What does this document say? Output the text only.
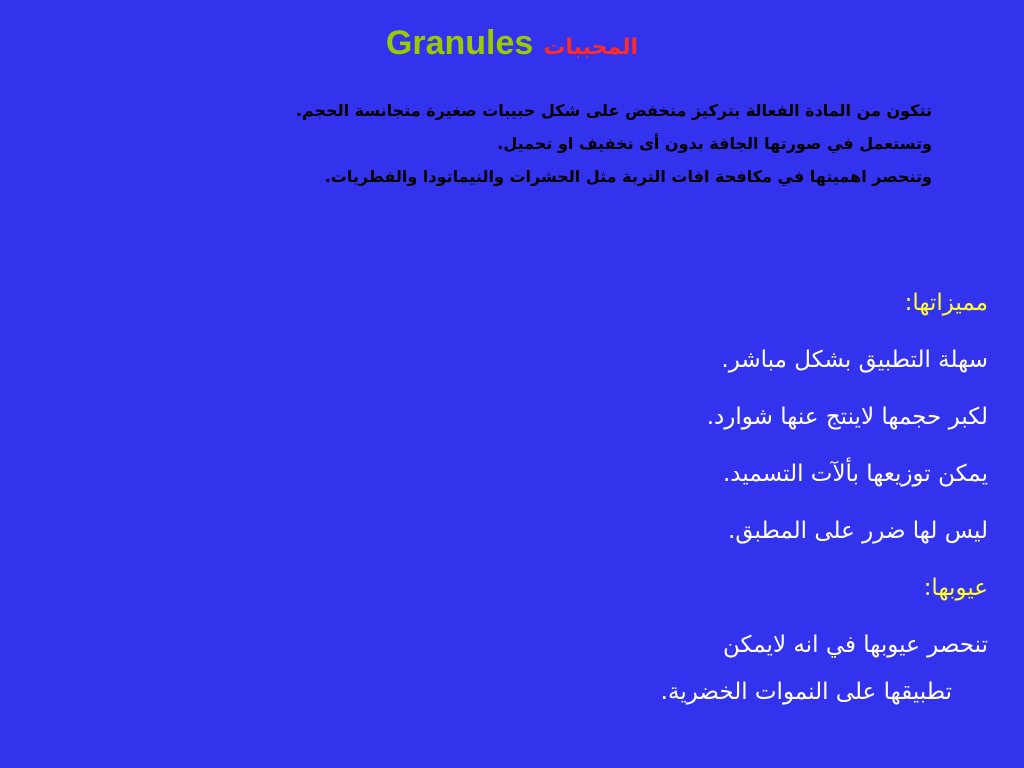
Granules المحببات
تتكون من المادة الفعالة بتركيز منخفض على شكل حبيبات صغيرة متجانسة الحجم.
وتستعمل في صورتها الجافة بدون أى تخفيف او تحميل.
وتنحصر اهميتها في مكافحة افات التربة مثل الحشرات والنيماتودا والفطريات.
مميزاتها:
سهلة التطبيق بشكل مباشر.
لكبر حجمها لاينتج عنها شوارد.
يمكن توزيعها بألآت التسميد.
ليس لها ضرر على المطبق.
عيوبها:
تنحصر عيوبها في انه لايمكن
تطبيقها على النموات الخضرية.
